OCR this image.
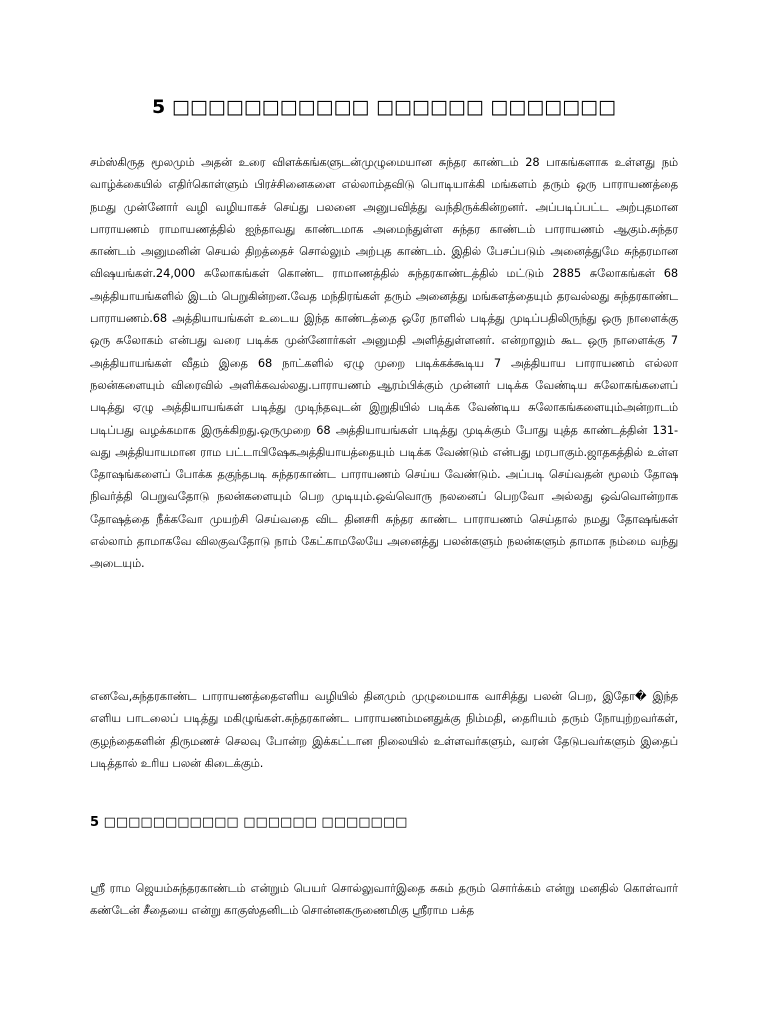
5 □□□□□□□□□□□ □□□□□□ □□□□□□□

சம்ஸ்கிருத மூலமும் அதன் உரை விளக்கங்களுடன்முழுமையான சுந்தர காண்டம் 28 பாகங்களாக உள்ளது நம் வாழ்க்கையில் எதிர்கொள்ளும் பிரச்சினைகளை எல்லாம்தவிடு பொடியாக்கி மங்களம் தரும் ஒரு பாராயணத்தை நமது முன்னோர் வழி வழியாகச் செய்து பலனை அனுபவித்து வந்திருக்கின்றனர். அப்படிப்பட்ட அற்புதமான பாராயணம் ராமாயணத்தில் ஐந்தாவது காண்டமாக அமைந்துள்ள சுந்தர காண்டம் பாராயணம் ஆகும்.சுந்தர காண்டம் அனுமனின் செயல் திறத்தைச் சொல்லும் அற்புத காண்டம். இதில் பேசப்படும் அனைத்துமே சுந்தரமான விஷயங்கள்.24,000 சுலோகங்கள் கொண்ட ராமாணத்தில் சுந்தரகாண்டத்தில் மட்டும் 2885 சுலோகங்கள் 68 அத்தியாயங்களில் இடம் பெறுகின்றன.வேத மந்திரங்கள் தரும் அனைத்து மங்களத்தையும் தரவல்லது சுந்தரகாண்ட பாராயணம்.68 அத்தியாயங்கள் உடைய இந்த காண்டத்தை ஒரே நாளில் படித்து முடிப்பதிலிருந்து ஒரு நாளைக்கு ஒரு சுலோகம் என்பது வரை படிக்க முன்னோர்கள் அனுமதி அளித்துள்ளனர். என்றாலும் கூட ஒரு நாளைக்கு 7 அத்தியாயங்கள் வீதம் இதை 68 நாட்களில் ஏழு முறை படிக்கக்கூடிய 7 அத்தியாய பாராயணம் எல்லா நலன்களையும் விரைவில் அளிக்கவல்லது.பாராயணம் ஆரம்பிக்கும் முன்னர் படிக்க வேண்டிய சுலோகங்களைப் படித்து ஏழு அத்தியாயங்கள் படித்து முடிந்தவுடன் இறுதியில் படிக்க வேண்டிய சுலோகங்களையும்அன்றாடம் படிப்பது வழக்கமாக இருக்கிறது.ஒருமுறை 68 அத்தியாயங்கள் படித்து முடிக்கும் போது யுத்த காண்டத்தின் 131-வது அத்தியாயமான ராம பட்டாபிஷேகஅத்தியாயத்தையும் படிக்க வேண்டும் என்பது மரபாகும்.ஜாதகத்தில் உள்ள தோஷங்களைப் போக்க தகுந்தபடி சுந்தரகாண்ட பாராயணம் செய்ய வேண்டும். அப்படி செய்வதன் மூலம் தோஷ நிவர்த்தி பெறுவதோடு நலன்களையும் பெற முடியும்.ஒவ்வொரு நலனைப் பெறவோ அல்லது ஒவ்வொன்றாக தோஷத்தை நீக்கவோ முயற்சி செய்வதை விட தினசரி சுந்தர காண்ட பாராயணம் செய்தால் நமது தோஷங்கள் எல்லாம் தாமாகவே விலகுவதோடு நாம் கேட்காமலேயே அனைத்து பலன்களும் நலன்களும் தாமாக நம்மை வந்து அடையும்.

எனவே,சுந்தரகாண்ட பாராயணத்தைஎளிய வழியில் தினமும் முழுமையாக வாசித்து பலன் பெற, இதோ� இந்த எளிய பாடலைப் படித்து மகிழுங்கள்.சுந்தரகாண்ட பாராயணம்மனதுக்கு நிம்மதி, தைரியம் தரும் நோயுற்றவர்கள், குழந்தைகளின் திருமணச் செலவு போன்ற இக்கட்டான நிலையில் உள்ளவர்களும், வரன் தேடுபவர்களும் இதைப் படித்தால் உரிய பலன் கிடைக்கும்.

5 □□□□□□□□□□□ □□□□□□ □□□□□□□

ஸ்ரீ ராம ஜெயம்சுந்தரகாண்டம் என்றும் பெயர் சொல்லுவார்இதை சுகம் தரும் சொர்க்கம் என்று மனதில் கொள்வார் கண்டேன் சீதையை என்று காகுஸ்தனிடம் சொன்னகருணைமிகு ஸ்ரீராம பக்த
